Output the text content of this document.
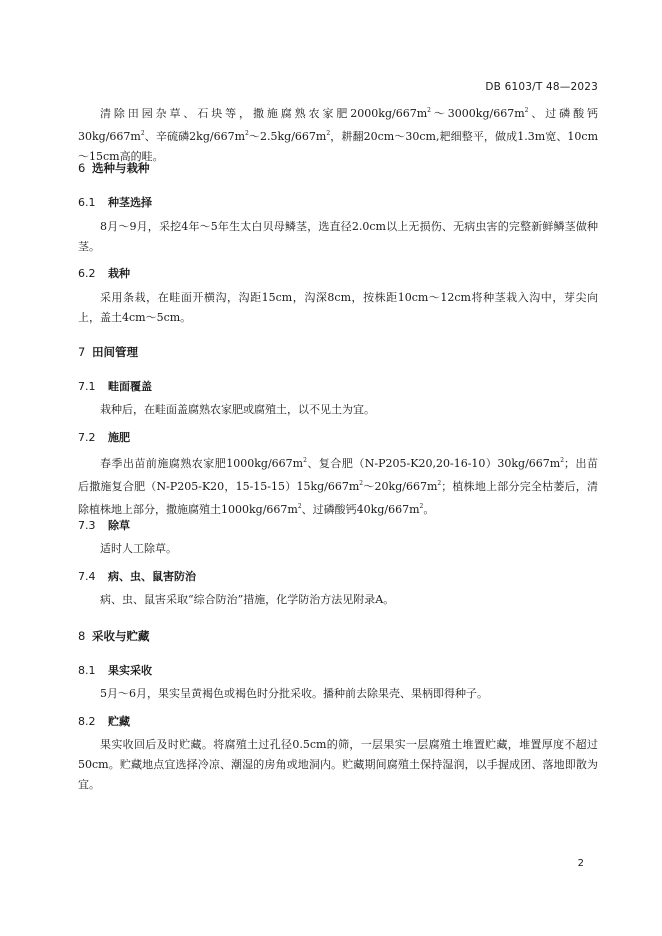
DB 6103/T 48—2023

清除田园杂草、石块等，撒施腐熟农家肥$2000kg/667m^2\sim 3000kg/667m^2$、过磷酸钙$30kg/667m^2$、辛硫磷$2kg/667m^2\sim 2.5kg/667m^2$，耕翻20cm～30cm,耙细整平，做成1.3m宽、10cm～15cm高的畦。

6 选种与栽种
6.1 种茎选择

8月～9月，采挖4年～5年生太白贝母鳞茎，选直径2.0cm以上无损伤、无病虫害的完整新鲜鳞茎做种茎。

6.2 栽种

采用条栽，在畦面开横沟，沟距15cm，沟深8cm，按株距10cm～12cm将种茎栽入沟中，芽尖向上，盖土4cm～5cm。

7 田间管理
7.1 畦面覆盖

栽种后，在畦面盖腐熟农家肥或腐殖土，以不见土为宜。

7.2 施肥

春季出苗前施腐熟农家肥$1000kg/667m^2$、复合肥$(N-P205-K20,20-16-10)30kg/667m^2$；出苗后撒施复合肥（N-P205-K20，$15-15-15)15kg/667m^2\sim 20kg/667m^2$；植株地上部分完全枯萎后，清除植株地上部分，撒施腐殖土$1000kg/667m^2$、过磷酸钙$40kg/667m^2$。

7.3 除草

适时人工除草。

7.4 病、虫、鼠害防治

病、虫、鼠害采取“综合防治”措施，化学防治方法见附录A。

8 采收与贮藏
8.1 果实采收

5月～6月，果实呈黄褐色或褐色时分批采收。播种前去除果壳、果柄即得种子。

8.2 贮藏

果实收回后及时贮藏。将腐殖土过孔径0.5cm的筛，一层果实一层腐殖土堆置贮藏，堆置厚度不超过50cm。贮藏地点宜选择冷凉、潮湿的房角或地洞内。贮藏期间腐殖土保持湿润，以手握成团、落地即散为宜。

2
